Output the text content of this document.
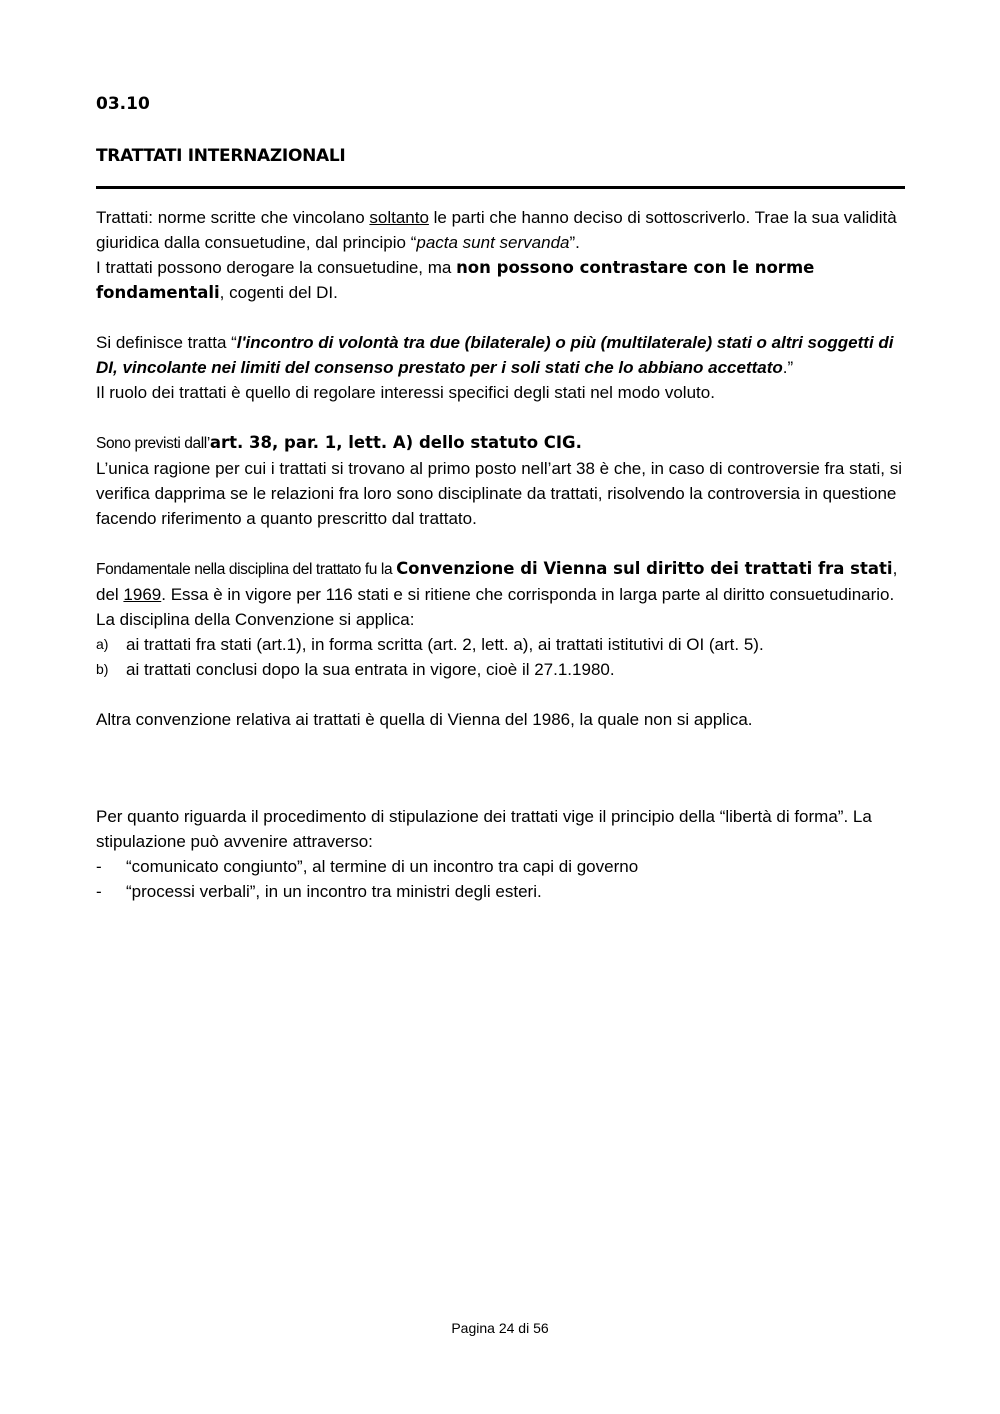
03.10
TRATTATI INTERNAZIONALI

Trattati: norme scritte che vincolano soltanto le parti che hanno deciso di sottoscriverlo. Trae la sua validità giuridica dalla consuetudine, dal principio “pacta sunt servanda”.

I trattati possono derogare la consuetudine, ma non possono contrastare con le norme fondamentali, cogenti del DI.

Si definisce tratta “l'incontro di volontà tra due (bilaterale) o più (multilaterale) stati o altri soggetti di DI, vincolante nei limiti del consenso prestato per i soli stati che lo abbiano accettato.”

Il ruolo dei trattati è quello di regolare interessi specifici degli stati nel modo voluto.

Sono previsti dall’art. 38, par. 1, lett. A) dello statuto CIG.

L’unica ragione per cui i trattati si trovano al primo posto nell’art 38 è che, in caso di controversie fra stati, si verifica dapprima se le relazioni fra loro sono disciplinate da trattati, risolvendo la controversia in questione facendo riferimento a quanto prescritto dal trattato.

Fondamentale nella disciplina del trattato fu la Convenzione di Vienna sul diritto dei trattati fra stati, del 1969. Essa è in vigore per 116 stati e si ritiene che corrisponda in larga parte al diritto consuetudinario.

La disciplina della Convenzione si applica:

a) ai trattati fra stati (art.1), in forma scritta (art. 2, lett. a), ai trattati istitutivi di OI (art. 5).
b) ai trattati conclusi dopo la sua entrata in vigore, cioè il 27.1.1980.

Altra convenzione relativa ai trattati è quella di Vienna del 1986, la quale non si applica.

Per quanto riguarda il procedimento di stipulazione dei trattati vige il principio della “libertà di forma”. La stipulazione può avvenire attraverso:

- “comunicato congiunto”, al termine di un incontro tra capi di governo
- “processi verbali”, in un incontro tra ministri degli esteri.
Pagina 24 di 56
